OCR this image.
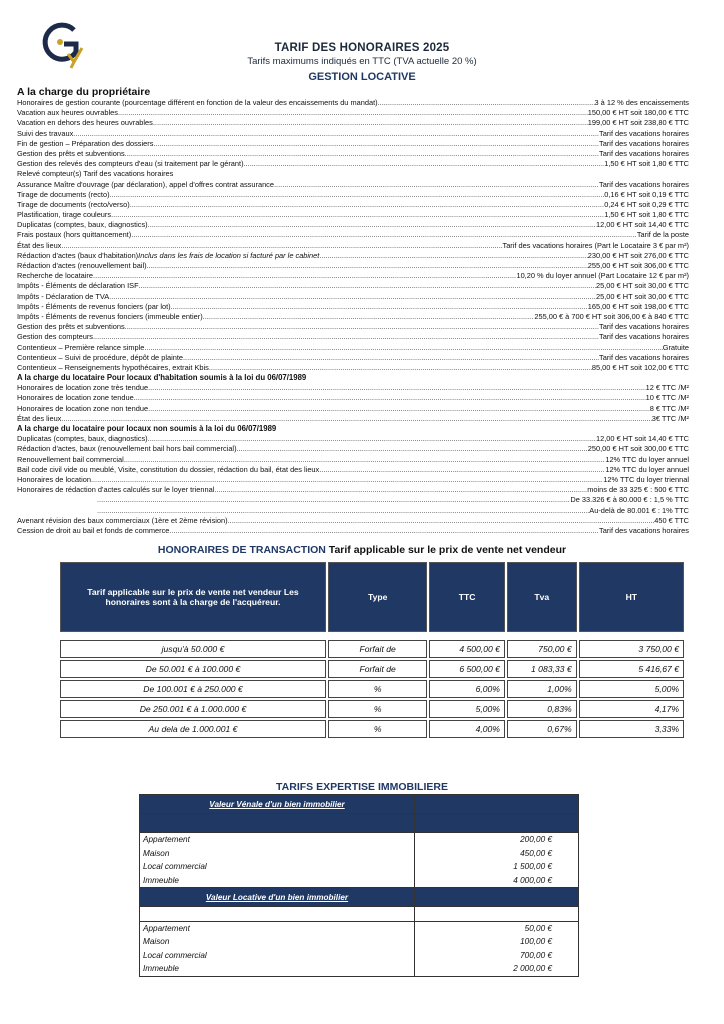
TARIF DES HONORAIRES 2025
Tarifs maximums indiqués en TTC (TVA actuelle 20 %)
GESTION LOCATIVE
A la charge du propriétaire
Honoraires de gestion courante (pourcentage différent en fonction de la valeur des encaissements du mandat) .....	3 à 12 % des encaissements
Vacation aux heures ouvrables .....	150,00 € HT soit 180,00 € TTC
Vacation en dehors des heures ouvrables .....	199,00 € HT soit 238,80 € TTC
Suivi des travaux .....	Tarif des vacations horaires
Fin de gestion – Préparation des dossiers .....	Tarif des vacations horaires
Gestion des prêts et subventions .....	Tarif des vacations horaires
Gestion des relevés des compteurs d'eau (si traitement par le gérant) .....	1,50 € HT soit 1,80 € TTC
Relevé compteur(s) Tarif des vacations horaires
Assurance Maître d'ouvrage (par déclaration), appel d'offres contrat assurance .....	Tarif des vacations horaires
Tirage de documents (recto) .....	0,16 € HT soit 0,19 € TTC
Tirage de documents (recto/verso) .....	0,24 € HT soit 0,29 € TTC
Plastification, tirage couleurs .....	1,50 € HT soit 1,80 € TTC
Duplicatas (comptes, baux, diagnostics) .....	12,00 € HT soit 14,40 € TTC
Frais postaux (hors quittancement) .....	Tarif de la poste
État des lieux .....	Tarif des vacations horaires (Part le Locataire 3 € par m²)
Rédaction d'actes (baux d'habitation) Inclus dans les frais de location si facturé par le cabinet .....	230,00 € HT soit 276,00 € TTC
Rédaction d'actes (renouvellement bail) .....	255,00 € HT soit 306,00 € TTC
Recherche de locataire .....	10,20 % du loyer annuel (Part Locataire 12 € par m²)
Impôts - Éléments de déclaration ISF .....	25,00 € HT soit 30,00 € TTC
Impôts - Déclaration de TVA .....	25,00 € HT soit 30,00 € TTC
Impôts - Éléments de revenus fonciers (par lot) .....	165,00 € HT soit 198,00 € TTC
Impôts - Éléments de revenus fonciers (immeuble entier) .....	255,00 € à 700 € HT soit 306,00 € à 840 € TTC
Gestion des prêts et subventions .....	Tarif des vacations horaires
Gestion des compteurs .....	Tarif des vacations horaires
Contentieux – Première relance simple .....	Gratuite
Contentieux – Suivi de procédure, dépôt de plainte .....	Tarif des vacations horaires
Contentieux – Renseignements hypothécaires, extrait Kbis .....	85,00 € HT soit 102,00 € TTC
A la charge du locataire Pour locaux d'habitation soumis à la loi du 06/07/1989
Honoraires de location zone très tendue .....	12 € TTC /M²
Honoraires de location zone tendue .....	10 € TTC /M²
Honoraires de location zone non tendue .....	8 € TTC /M²
État des lieux .....	3€ TTC /M²
A la charge du locataire pour locaux non soumis à la loi du 06/07/1989
Duplicatas (comptes, baux, diagnostics) .....	12,00 € HT soit 14,40 € TTC
Rédaction d'actes, baux (renouvellement bail hors bail commercial) .....	250,00 € HT soit 300,00 € TTC
Renouvellement bail commercial .....	12% TTC du loyer annuel
Bail code civil vide ou meublé, Visite, constitution du dossier, rédaction du bail, état des lieux .....	12% TTC du loyer annuel
Honoraires de location .....	12% TTC du loyer triennal
Honoraires de rédaction d'actes calculés sur le loyer triennal .....	moins de 33 325 € : 500 € TTC
.....
De 33.326 € à 80.000 € : 1,5 % TTC
.....
Au-delà de 80.001 € : 1% TTC
Avenant révision des baux commerciaux (1ère et 2ème révision) .....	450 € TTC
Cession de droit au bail et fonds de commerce .....	Tarif des vacations horaires
HONORAIRES DE TRANSACTION Tarif applicable sur le prix de vente net vendeur
Tarif applicable sur le prix de vente net vendeur Les honoraires sont à la charge de l'acquéreur.	Type	TTC	Tva	HT

jusqu'à 50.000 €	Forfait de	4 500,00 €	750,00 €	3 750,00 €
De 50.001 € à 100.000 €	Forfait de	6 500,00 €	1 083,33 €	5 416,67 €
De 100.001 € à 250.000 €	%	6,00%	1,00%	5,00%
De 250.001 € à 1.000.000 €	%	5,00%	0,83%	4,17%
Au dela de 1.000.001 €	%	4,00%	0,67%	3,33%
TARIFS EXPERTISE IMMOBILIERE
Valeur Vénale d'un bien immobilier	

Appartement	200,00 €
Maison	450,00 €
Local commercial	1 500,00 €
Immeuble	4 000,00 €
Valeur Locative d'un bien immobilier	

Appartement	50,00 €
Maison	100,00 €
Local commercial	700,00 €
Immeuble	2 000,00 €
